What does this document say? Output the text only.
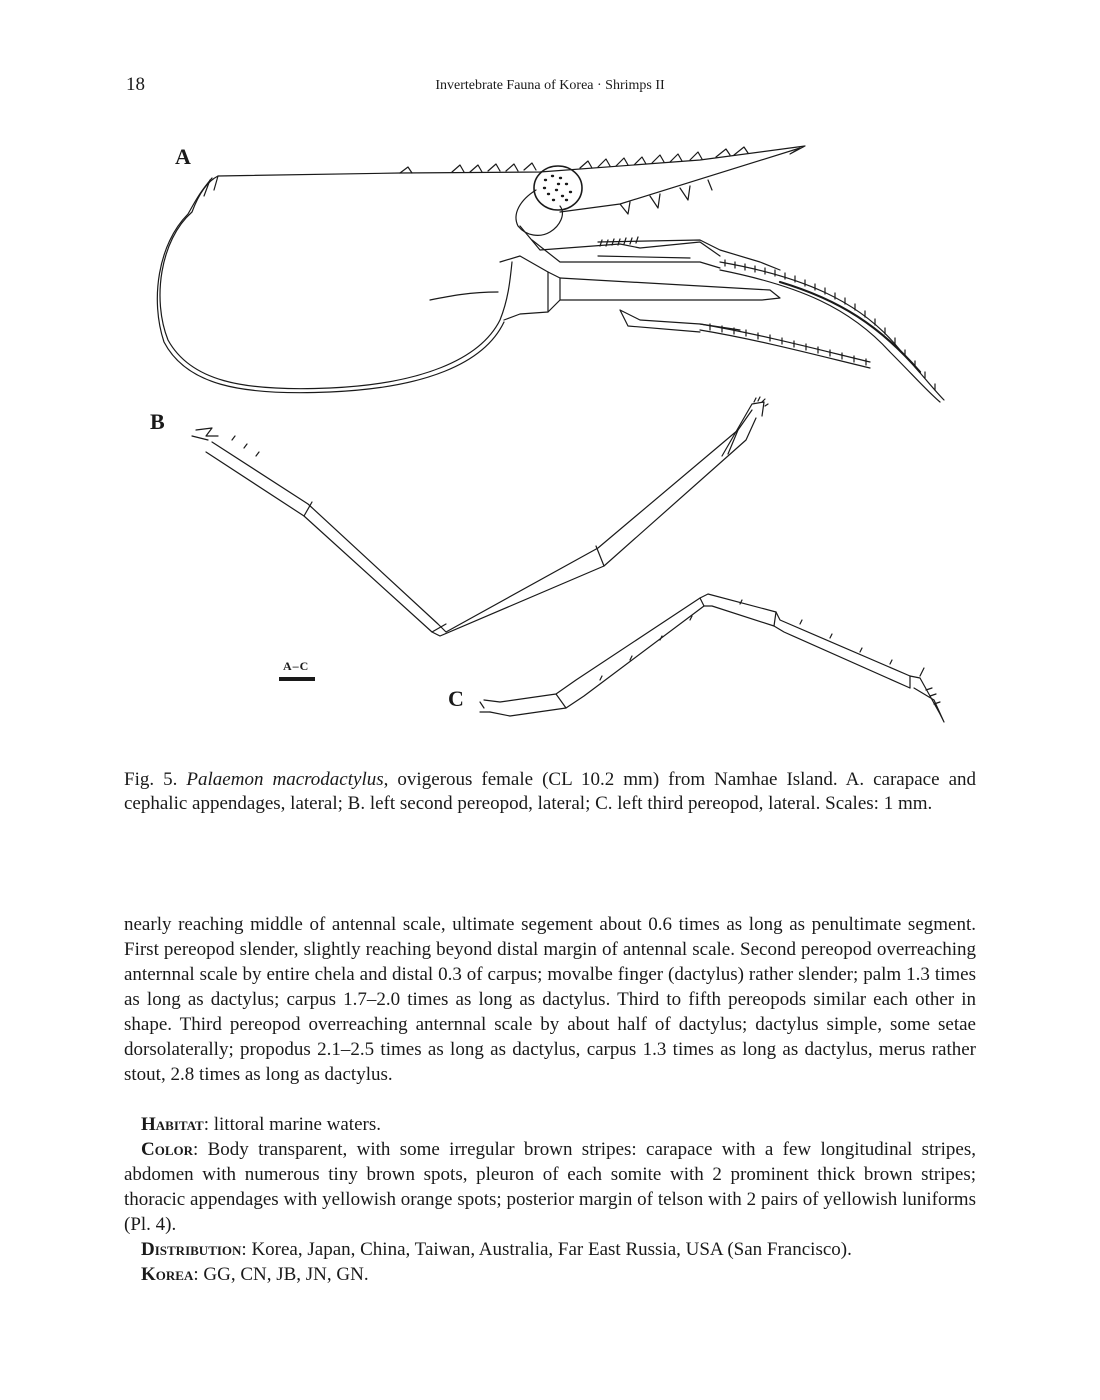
18	Invertebrate Fauna of Korea · Shrimps II
A
B
C
A–C
Fig. 5. Palaemon macrodactylus, ovigerous female (CL 10.2 mm) from Namhae Island. A. carapace and cephalic appendages, lateral; B. left second pereopod, lateral; C. left third pereopod, lateral. Scales: 1 mm.
nearly reaching middle of antennal scale, ultimate segement about 0.6 times as long as penultimate segment. First pereopod slender, slightly reaching beyond distal margin of antennal scale. Second pereopod overreaching anternnal scale by entire chela and distal 0.3 of carpus; movalbe finger (dactylus) rather slender; palm 1.3 times as long as dactylus; carpus 1.7–2.0 times as long as dactylus. Third to fifth pereopods similar each other in shape. Third pereopod overreaching anternnal scale by about half of dactylus; dactylus simple, some setae dorsolaterally; propodus 2.1–2.5 times as long as dactylus, carpus 1.3 times as long as dactylus, merus rather stout, 2.8 times as long as dactylus.
Habitat: littoral marine waters.
Color: Body transparent, with some irregular brown stripes: carapace with a few longitudinal stripes, abdomen with numerous tiny brown spots, pleuron of each somite with 2 prominent thick brown stripes; thoracic appendages with yellowish orange spots; posterior margin of telson with 2 pairs of yellowish luniforms (Pl. 4).
Distribution: Korea, Japan, China, Taiwan, Australia, Far East Russia, USA (San Francisco).
Korea: GG, CN, JB, JN, GN.
